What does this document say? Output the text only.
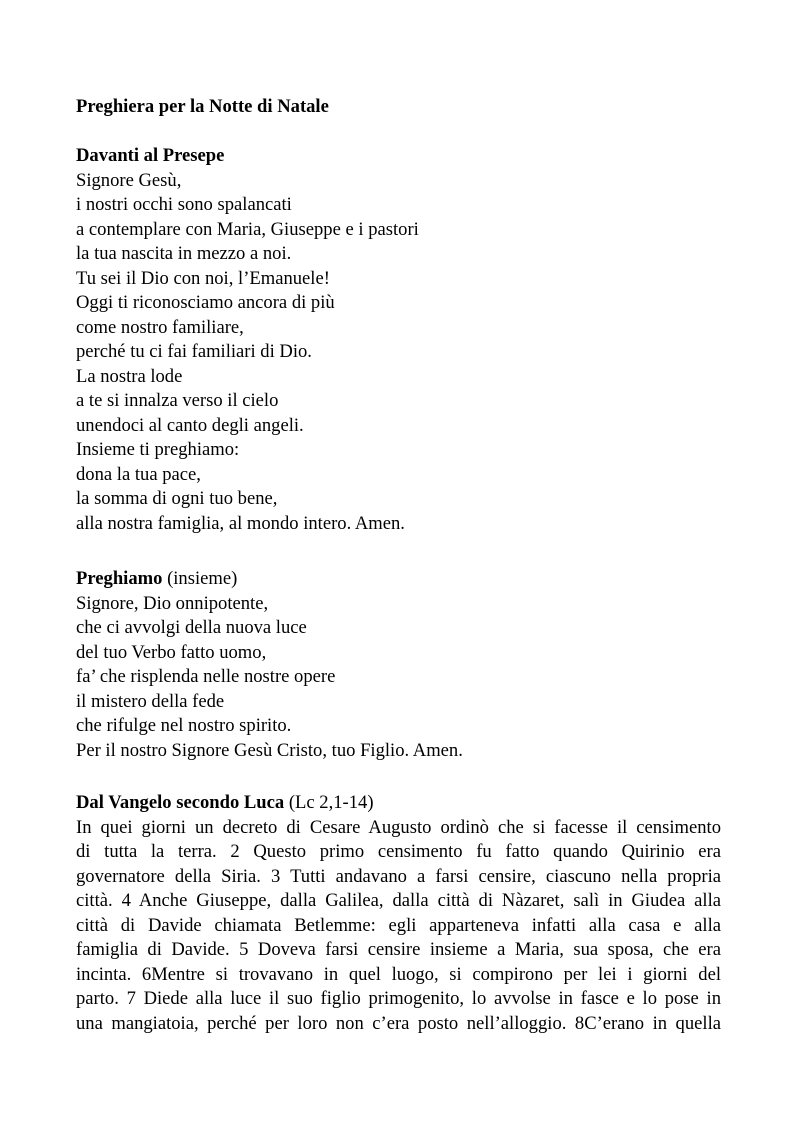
Preghiera per la Notte di Natale
Davanti al Presepe
Signore Gesù,
i nostri occhi sono spalancati
a contemplare con Maria, Giuseppe e i pastori
la tua nascita in mezzo a noi.
Tu sei il Dio con noi, l’Emanuele!
Oggi ti riconosciamo ancora di più
come nostro familiare,
perché tu ci fai familiari di Dio.
La nostra lode
a te si innalza verso il cielo
unendoci al canto degli angeli.
Insieme ti preghiamo:
dona la tua pace,
la somma di ogni tuo bene,
alla nostra famiglia, al mondo intero. Amen.
Preghiamo (insieme)
Signore, Dio onnipotente,
che ci avvolgi della nuova luce
del tuo Verbo fatto uomo,
fa’ che risplenda nelle nostre opere
il mistero della fede
che rifulge nel nostro spirito.
Per il nostro Signore Gesù Cristo, tuo Figlio. Amen.
Dal Vangelo secondo Luca (Lc 2,1-14)
In quei giorni un decreto di Cesare Augusto ordinò che si facesse il censimento
di tutta la terra. 2 Questo primo censimento fu fatto quando Quirinio era
governatore della Siria. 3 Tutti andavano a farsi censire, ciascuno nella propria
città. 4 Anche Giuseppe, dalla Galilea, dalla città di Nàzaret, salì in Giudea alla
città di Davide chiamata Betlemme: egli apparteneva infatti alla casa e alla
famiglia di Davide. 5 Doveva farsi censire insieme a Maria, sua sposa, che era
incinta. 6Mentre si trovavano in quel luogo, si compirono per lei i giorni del
parto. 7 Diede alla luce il suo figlio primogenito, lo avvolse in fasce e lo pose in
una mangiatoia, perché per loro non c’era posto nell’alloggio. 8C’erano in quella
